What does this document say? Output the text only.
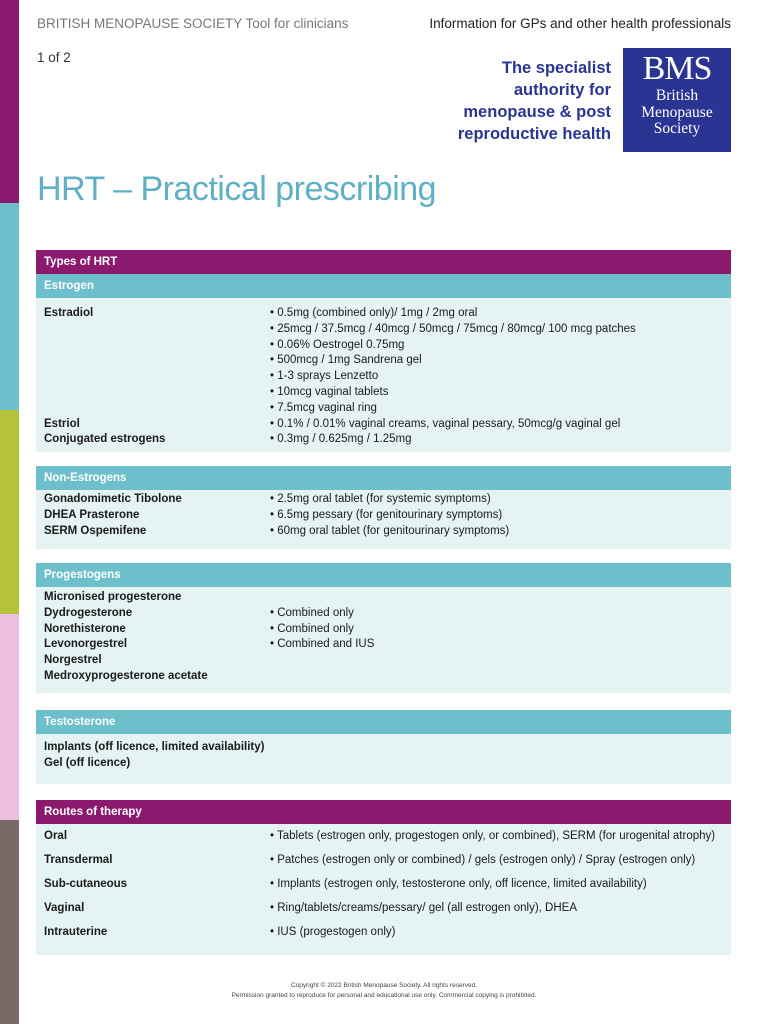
BRITISH MENOPAUSE SOCIETY Tool for clinicians	Information for GPs and other health professionals
1 of 2
The specialist
authority for
menopause & post
reproductive health
BMS
British
Menopause
Society
HRT – Practical prescribing
Types of HRT
Estrogen
Estradiol	• 0.5mg (combined only)/ 1mg / 2mg oral
• 25mcg / 37.5mcg / 40mcg / 50mcg / 75mcg / 80mcg/ 100 mcg patches
• 0.06% Oestrogel 0.75mg
• 500mcg / 1mg Sandrena gel
• 1-3 sprays Lenzetto
• 10mcg vaginal tablets
• 7.5mcg vaginal ring
Estriol	• 0.1% / 0.01% vaginal creams, vaginal pessary, 50mcg/g vaginal gel
Conjugated estrogens	• 0.3mg / 0.625mg / 1.25mg
Non-Estrogens
Gonadomimetic Tibolone	• 2.5mg oral tablet (for systemic symptoms)
DHEA Prasterone	• 6.5mg pessary (for genitourinary symptoms)
SERM Ospemifene	• 60mg oral tablet (for genitourinary symptoms)
Progestogens
Micronised progesterone
Dydrogesterone	• Combined only
Norethisterone	• Combined only
Levonorgestrel	• Combined and IUS
Norgestrel
Medroxyprogesterone acetate
Testosterone
Implants (off licence, limited availability)
Gel (off licence)
Routes of therapy
Oral	• Tablets (estrogen only, progestogen only, or combined), SERM (for urogenital atrophy)
Transdermal	• Patches (estrogen only or combined) / gels (estrogen only) / Spray (estrogen only)
Sub-cutaneous	• Implants (estrogen only, testosterone only, off licence, limited availability)
Vaginal	• Ring/tablets/creams/pessary/ gel (all estrogen only), DHEA
Intrauterine	• IUS (progestogen only)
Copyright © 2022 British Menopause Society. All rights reserved.
Permission granted to reproduce for personal and educational use only. Commercial copying is prohibited.
